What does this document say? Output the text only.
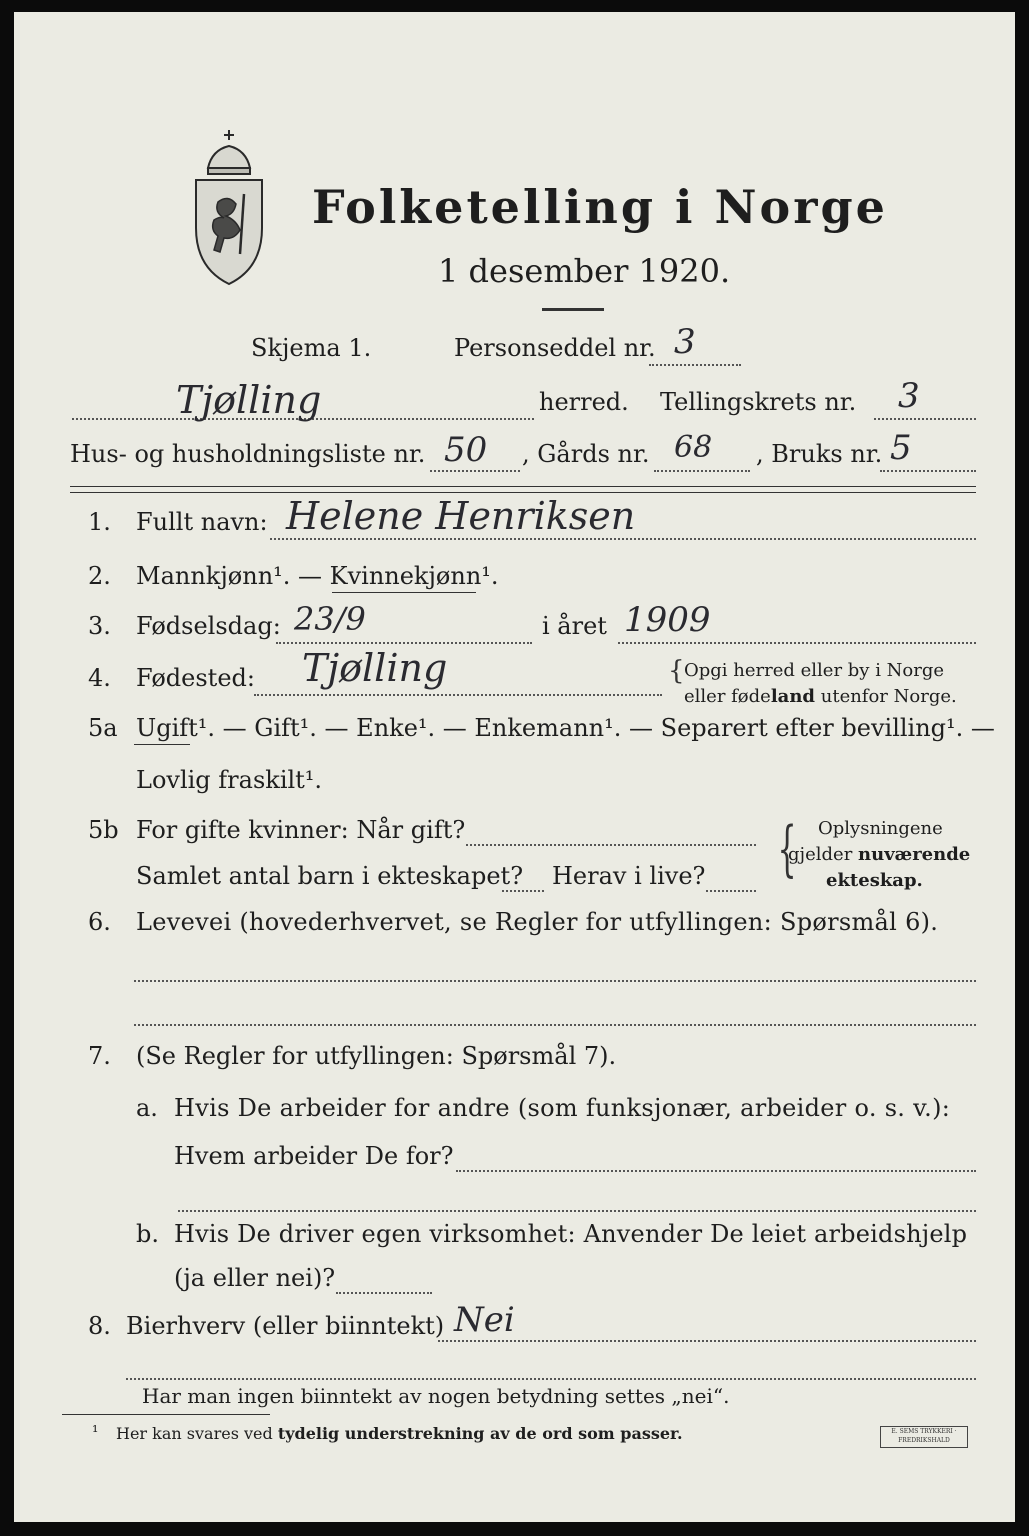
Folketelling i Norge
1 desember 1920.
Skjema 1.	Personseddel nr. 3
Tjølling	herred. Tellingskrets nr. 3
Hus- og husholdningsliste nr. 50 , Gårds nr. 68 , Bruks nr. 5
1. Fullt navn: Helene Henriksen
2. Mannkjønn¹. — Kvinnekjønn¹.
3. Fødselsdag: 23/9	i året 1909
4. Fødested: Tjølling	{ Opgi herred eller by i Norge
eller fødeland utenfor Norge.
5a Ugift¹. — Gift¹. — Enke¹. — Enkemann¹. — Separert efter bevilling¹. —
Lovlig fraskilt¹.
5b For gifte kvinner: Når gift?
Samlet antal barn i ekteskapet? Herav i live? { Oplysningene
gjelder nuværende
ekteskap.
6. Levevei (hovederhvervet, se Regler for utfyllingen: Spørsmål 6).
7. (Se Regler for utfyllingen: Spørsmål 7).
a. Hvis De arbeider for andre (som funksjonær, arbeider o. s. v.):
Hvem arbeider De for?
b. Hvis De driver egen virksomhet: Anvender De leiet arbeidshjelp
(ja eller nei)?
8. Bierhverv (eller biinntekt) Nei
Har man ingen biinntekt av nogen betydning settes „nei“.
¹ Her kan svares ved tydelig understrekning av de ord som passer.	E. SEMS TRYKKERI · FREDRIKSHALD
